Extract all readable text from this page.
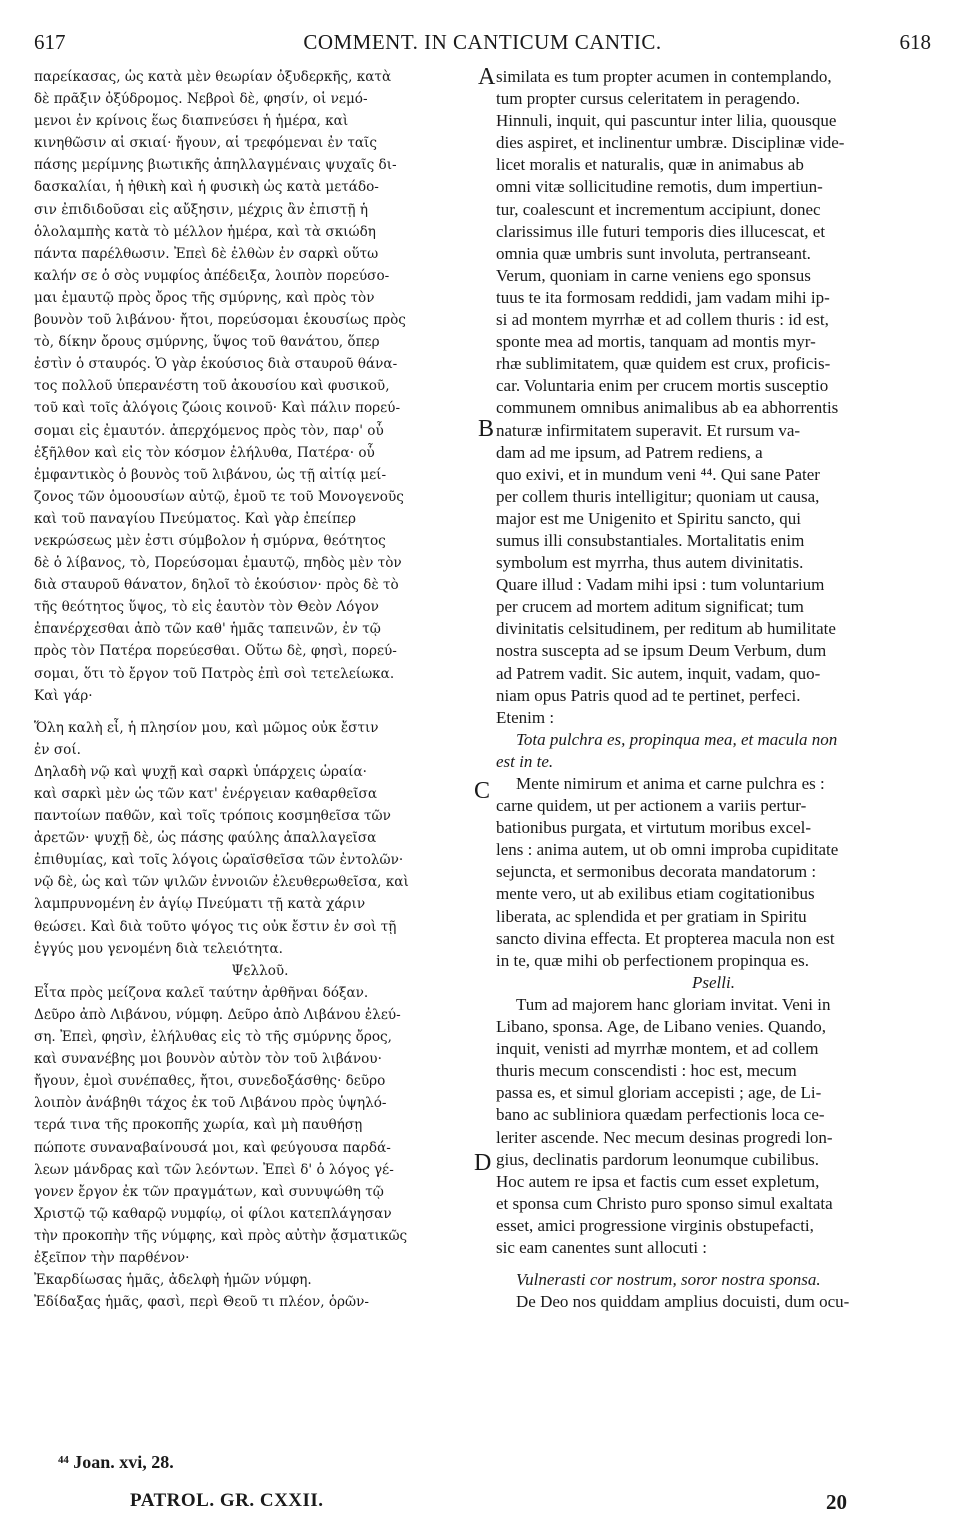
617	COMMENT. IN CANTICUM CANTIC.	618
παρείκασας, ὡς κατὰ μὲν θεωρίαν ὀξυδερκῆς, κατὰ
δὲ πρᾶξιν ὀξύδρομος. Νεβροὶ δὲ, φησίν, οἱ νεμό-
μενοι ἐν κρίνοις ἕως διαπνεύσει ἡ ἡμέρα, καὶ
κινηθῶσιν αἱ σκιαί· ἤγουν, αἱ τρεφόμεναι ἐν ταῖς
πάσης μερίμνης βιωτικῆς ἀπηλλαγμέναις ψυχαῖς δι-
δασκαλίαι, ἡ ἠθικὴ καὶ ἡ φυσικὴ ὡς κατὰ μετάδο-
σιν ἐπιδιδοῦσαι εἰς αὔξησιν, μέχρις ἂν ἐπιστῇ ἡ
ὁλολαμπὴς κατὰ τὸ μέλλον ἡμέρα, καὶ τὰ σκιώδη
πάντα παρέλθωσιν. Ἐπεὶ δὲ ἐλθὼν ἐν σαρκὶ οὕτω
καλήν σε ὁ σὸς νυμφίος ἀπέδειξα, λοιπὸν πορεύσο-
μαι ἐμαυτῷ πρὸς ὄρος τῆς σμύρνης, καὶ πρὸς τὸν
βουνὸν τοῦ λιβάνου· ἤτοι, πορεύσομαι ἑκουσίως πρὸς
τὸ, δίκην ὄρους σμύρνης, ὕψος τοῦ θανάτου, ὅπερ
ἐστὶν ὁ σταυρός. Ὁ γὰρ ἑκούσιος διὰ σταυροῦ θάνα-
τος πολλοῦ ὑπερανέστη τοῦ ἀκουσίου καὶ φυσικοῦ,
τοῦ καὶ τοῖς ἀλόγοις ζώοις κοινοῦ· Καὶ πάλιν πορεύ-
σομαι εἰς ἐμαυτόν. ἀπερχόμενος πρὸς τὸν, παρ' οὗ
ἐξῆλθον καὶ εἰς τὸν κόσμον ἐλήλυθα, Πατέρα· οὗ
ἐμφαντικὸς ὁ βουνὸς τοῦ λιβάνου, ὡς τῇ αἰτίᾳ μεί-
ζονος τῶν ὁμοουσίων αὐτῷ, ἐμοῦ τε τοῦ Μονογενοῦς
καὶ τοῦ παναγίου Πνεύματος. Καὶ γὰρ ἐπείπερ
νεκρώσεως μὲν ἐστι σύμβολον ἡ σμύρνα, θεότητος
δὲ ὁ λίβανος, τὸ, Πορεύσομαι ἐμαυτῷ, πηδὸς μὲν τὸν
διὰ σταυροῦ θάνατον, δηλοῖ τὸ ἑκούσιον· πρὸς δὲ τὸ
τῆς θεότητος ὕψος, τὸ εἰς ἑαυτὸν τὸν Θεὸν Λόγον
ἐπανέρχεσθαι ἀπὸ τῶν καθ' ἡμᾶς ταπεινῶν, ἐν τῷ
πρὸς τὸν Πατέρα πορεύεσθαι. Οὕτω δὲ, φησὶ, πορεύ-
σομαι, ὅτι τὸ ἔργον τοῦ Πατρὸς ἐπὶ σοὶ τετελείωκα.
Καὶ γάρ·
Ὅλη καλὴ εἶ, ἡ πλησίον μου, καὶ μῶμος οὐκ ἔστιν
ἐν σοί.
Δηλαδὴ νῷ καὶ ψυχῇ καὶ σαρκὶ ὑπάρχεις ὡραία·
καὶ σαρκὶ μὲν ὡς τῶν κατ' ἐνέργειαν καθαρθεῖσα
παντοίων παθῶν, καὶ τοῖς τρόποις κοσμηθεῖσα τῶν
ἀρετῶν· ψυχῇ δὲ, ὡς πάσης φαύλης ἀπαλλαγεῖσα
ἐπιθυμίας, καὶ τοῖς λόγοις ὡραϊσθεῖσα τῶν ἐντολῶν·
νῷ δὲ, ὡς καὶ τῶν ψιλῶν ἐννοιῶν ἐλευθερωθεῖσα, καὶ
λαμπρυνομένη ἐν ἁγίῳ Πνεύματι τῇ κατὰ χάριν
θεώσει. Καὶ διὰ τοῦτο ψόγος τις οὐκ ἔστιν ἐν σοὶ τῇ
ἐγγύς μου γενομένη διὰ τελειότητα.
Ψελλοῦ.
Εἶτα πρὸς μείζονα καλεῖ ταύτην ἀρθῆναι δόξαν.
Δεῦρο ἀπὸ Λιβάνου, νύμφη. Δεῦρο ἀπὸ Λιβάνου ἐλεύ-
ση. Ἐπεὶ, φησὶν, ἐλήλυθας εἰς τὸ τῆς σμύρνης ὄρος,
καὶ συνανέβης μοι βουνὸν αὐτὸν τὸν τοῦ λιβάνου·
ἤγουν, ἐμοὶ συνέπαθες, ἤτοι, συνεδοξάσθης· δεῦρο
λοιπὸν ἀνάβηθι τάχος ἐκ τοῦ Λιβάνου πρὸς ὑψηλό-
τερά τινα τῆς προκοπῆς χωρία, καὶ μὴ παυθήσῃ
πώποτε συναναβαίνουσά μοι, καὶ φεύγουσα παρδά-
λεων μάνδρας καὶ τῶν λεόντων. Ἐπεὶ δ' ὁ λόγος γέ-
γονεν ἔργον ἐκ τῶν πραγμάτων, καὶ συνυψώθη τῷ
Χριστῷ τῷ καθαρῷ νυμφίῳ, οἱ φίλοι κατεπλάγησαν
τὴν προκοπὴν τῆς νύμφης, καὶ πρὸς αὐτὴν ᾄσματικῶς
ἐξεῖπον τὴν παρθένον·
Ἐκαρδίωσας ἡμᾶς, ἀδελφὴ ἡμῶν νύμφη.
Ἐδίδαξας ἡμᾶς, φασὶ, περὶ Θεοῦ τι πλέον, ὁρῶν-
similata es tum propter acumen in contemplando,
tum propter cursus celeritatem in peragendo.
Hinnuli, inquit, qui pascuntur inter lilia, quousque
dies aspiret, et inclinentur umbræ. Disciplinæ vide-
licet moralis et naturalis, quæ in animabus ab
omni vitæ sollicitudine remotis, dum impertiun-
tur, coalescunt et incrementum accipiunt, donec
clarissimus ille futuri temporis dies illucescat, et
omnia quæ umbris sunt involuta, pertranseant.
Verum, quoniam in carne veniens ego sponsus
tuus te ita formosam reddidi, jam vadam mihi ip-
si ad montem myrrhæ et ad collem thuris : id est,
sponte mea ad mortis, tanquam ad montis myr-
rhæ sublimitatem, quæ quidem est crux, proficis-
car. Voluntaria enim per crucem mortis susceptio
communem omnibus animalibus ab ea abhorrentis
naturæ infirmitatem superavit. Et rursum va-
dam ad me ipsum, ad Patrem rediens, a
quo exivi, et in mundum veni ⁴⁴. Qui sane Pater
per collem thuris intelligitur; quoniam ut causa,
major est me Unigenito et Spiritu sancto, qui
sumus illi consubstantiales. Mortalitatis enim
symbolum est myrrha, thus autem divinitatis.
Quare illud : Vadam mihi ipsi : tum voluntarium
per crucem ad mortem aditum significat; tum
divinitatis celsitudinem, per reditum ab humilitate
nostra suscepta ad se ipsum Deum Verbum, dum
ad Patrem vadit. Sic autem, inquit, vadam, quo-
niam opus Patris quod ad te pertinet, perfeci.
Etenim :
Tota pulchra es, propinqua mea, et macula non
est in te.
Mente nimirum et anima et carne pulchra es :
carne quidem, ut per actionem a variis pertur-
bationibus purgata, et virtutum moribus excel-
lens : anima autem, ut ob omni improba cupiditate
sejuncta, et sermonibus decorata mandatorum :
mente vero, ut ab exilibus etiam cogitationibus
liberata, ac splendida et per gratiam in Spiritu
sancto divina effecta. Et propterea macula non est
in te, quæ mihi ob perfectionem propinqua es.
Pselli.
Tum ad majorem hanc gloriam invitat. Veni in
Libano, sponsa. Age, de Libano venies. Quando,
inquit, venisti ad myrrhæ montem, et ad collem
thuris mecum conscendisti : hoc est, mecum
passa es, et simul gloriam accepisti ; age, de Li-
bano ac subliniora quædam perfectionis loca ce-
leriter ascende. Nec mecum desinas progredi lon-
gius, declinatis pardorum leonumque cubilibus.
Hoc autem re ipsa et factis cum esset expletum,
et sponsa cum Christo puro sponso simul exaltata
esset, amici progressione virginis obstupefacti,
sic eam canentes sunt allocuti :
Vulnerasti cor nostrum, soror nostra sponsa.
De Deo nos quiddam amplius docuisti, dum ocu-
A
B
C
D
⁴⁴ Joan. xvi, 28.
PATROL. GR. CXXII.	20
